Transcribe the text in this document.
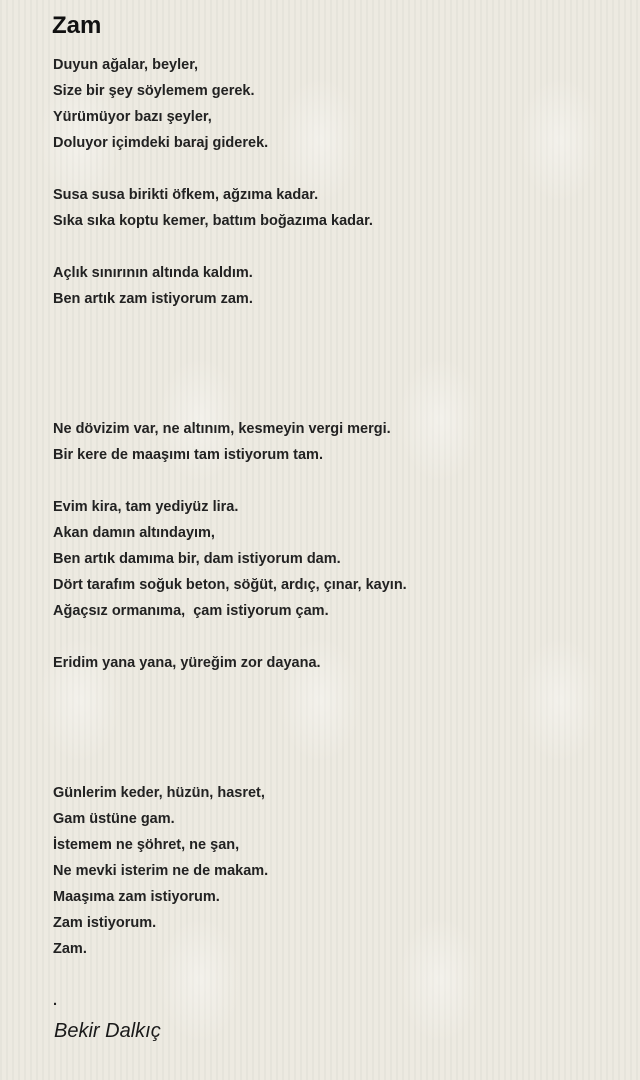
Zam
Duyun ağalar, beyler,
Size bir şey söylemem gerek.
Yürümüyor bazı şeyler,
Doluyor içimdeki baraj giderek.
Susa susa birikti öfkem, ağzıma kadar.
Sıka sıka koptu kemer, battım boğazıma kadar.
Açlık sınırının altında kaldım.
Ben artık zam istiyorum zam.
Ne dövizim var, ne altınım, kesmeyin vergi mergi.
Bir kere de maaşımı tam istiyorum tam.
Evim kira, tam yediyüz lira.
Akan damın altındayım,
Ben artık damıma bir, dam istiyorum dam.
Dört tarafım soğuk beton, söğüt, ardıç, çınar, kayın.
Ağaçsız ormanıma,  çam istiyorum çam.
Eridim yana yana, yüreğim zor dayana.
Günlerim keder, hüzün, hasret,
Gam üstüne gam.
İstemem ne şöhret, ne şan,
Ne mevki isterim ne de makam.
Maaşıma zam istiyorum.
Zam istiyorum.
Zam.
.
Bekir Dalkıç
